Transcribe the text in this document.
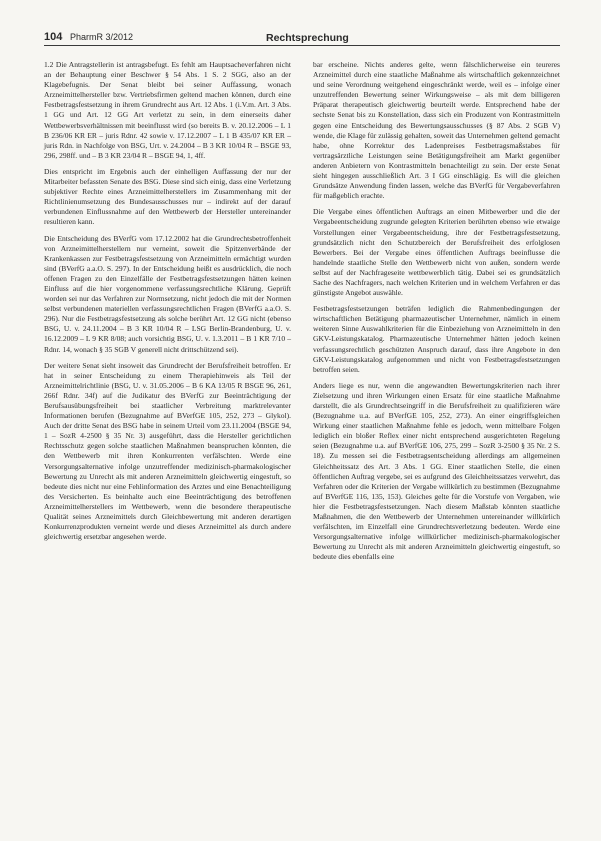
104 PharmR 3/2012	Rechtsprechung

1.2 Die Antragstellerin ist antragsbefugt. Es fehlt am Hauptsacheverfahren nicht an der Behauptung einer Beschwer § 54 Abs. 1 S. 2 SGG, also an der Klagebefugnis. Der Senat bleibt bei seiner Auffassung, wonach Arzneimittelhersteller bzw. Vertriebsfirmen geltend machen können, durch eine Festbetragsfestsetzung in ihrem Grundrecht aus Art. 12 Abs. 1 (i.V.m. Art. 3 Abs. 1 GG und Art. 12 GG Art verletzt zu sein, in dem einerseits daher Wettbewerbsverhältnissen mit beeinflusst wird (so bereits B. v. 20.12.2006 – L 1 B 236/06 KR ER – juris Rdnr. 42 sowie v. 17.12.2007 – L 1 B 435/07 KR ER – juris Rdn. in Nachfolge von BSG, Urt. v. 24.2004 – B 3 KR 10/04 R – BSGE 93, 296, 298ff. und – B 3 KR 23/04 R – BSGE 94, 1, 4ff.

Dies entspricht im Ergebnis auch der einhelligen Auffassung der nur der Mitarbeiter befassten Senate des BSG. Diese sind sich einig, dass eine Verletzung subjektiver Rechte eines Arzneimittelherstellers im Zusammenhang mit der Richtlinienumsetzung des Bundesausschusses nur – indirekt auf der darauf verbundenen Einflussnahme auf den Wettbewerb der Hersteller untereinander resultieren kann.

Die Entscheidung des BVerfG vom 17.12.2002 hat die Grundrechtsbetroffenheit von Arzneimittelherstellern nur verneint, soweit die Spitzenverbände der Krankenkassen zur Festbetragsfestsetzung von Arzneimitteln ermächtigt wurden sind (BVerfG a.a.O. S. 297). In der Entscheidung heißt es ausdrücklich, die noch offenen Fragen zu den Einzelfälle der Festbetragsfestsetzungen hätten keinen Einfluss auf die hier vorgenommene verfassungsrechtliche Klärung. Geprüft worden sei nur das Verfahren zur Normsetzung, nicht jedoch die mit der Normen selbst verbundenen materiellen verfassungsrechtlichen Fragen (BVerfG a.a.O. S. 296). Nur die Festbetragsfestsetzung als solche berührt Art. 12 GG nicht (ebenso BSG, U. v. 24.11.2004 – B 3 KR 10/04 R – LSG Berlin-Brandenburg, U. v. 16.12.2009 – L 9 KR 8/08; auch vorsichtig BSG, U. v. 1.3.2011 – B 1 KR 7/10 – Rdnr. 14, wonach § 35 SGB V generell nicht drittschützend sei).

Der weitere Senat sieht insoweit das Grundrecht der Berufsfreiheit betroffen. Er hat in seiner Entscheidung zu einem Therapiehinweis als Teil der Arzneimittelrichtlinie (BSG, U. v. 31.05.2006 – B 6 KA 13/05 R BSGE 96, 261, 266f Rdnr. 34f) auf die Judikatur des BVerfG zur Beeinträchtigung der Berufsausübungsfreiheit bei staatlicher Verbreitung marktrelevanter Informationen berufen (Bezugnahme auf BVerfGE 105, 252, 273 – Glykol). Auch der dritte Senat des BSG habe in seinem Urteil vom 23.11.2004 (BSGE 94, 1 – SozR 4-2500 § 35 Nr. 3) ausgeführt, dass die Hersteller gerichtlichen Rechtsschutz gegen solche staatlichen Maßnahmen beanspruchen könnten, die den Wettbewerb mit ihren Konkurrenten verfälschten. Werde eine Versorgungsalternative infolge unzutreffender medizinisch-pharmakologischer Bewertung zu Unrecht als mit anderen Arzneimitteln gleichwertig eingestuft, so bedeute dies nicht nur eine Fehlinformation des Arztes und eine Benachteiligung des Versicherten. Es beinhalte auch eine Beeinträchtigung des betroffenen Arzneimittelherstellers im Wettbewerb, wenn die besondere therapeutische Qualität seines Arzneimittels durch Gleichbewertung mit anderen derartigen Konkurrenzprodukten verneint werde und dieses Arzneimittel als durch andere gleichwertig ersetzbar angesehen werde.

bar erscheine. Nichts anderes gelte, wenn fälschlicherweise ein teureres Arzneimittel durch eine staatliche Maßnahme als wirtschaftlich gekennzeichnet und seine Verordnung weitgehend eingeschränkt werde, weil es – infolge einer unzutreffenden Bewertung seiner Wirkungsweise – als mit dem billigeren Präparat therapeutisch gleichwertig beurteilt werde. Entsprechend habe der sechste Senat bis zu Konstellation, dass sich ein Produzent von Kontrastmitteln gegen eine Entscheidung des Bewertungsausschusses (§ 87 Abs. 2 SGB V) wende, die Klage für zulässig gehalten, soweit das Unternehmen geltend gemacht habe, ohne Korrektur des Ladenpreises Festbetragsmaßstabes für vertragsärztliche Leistungen seine Betätigungsfreiheit am Markt gegenüber anderen Anbietern von Kontrastmitteln benachteiligt zu sein. Der erste Senat sieht hingegen ausschließlich Art. 3 I GG einschlägig. Es will die gleichen Grundsätze Anwendung finden lassen, welche das BVerfG für Vergabeverfahren für maßgeblich erachte.

Die Vergabe eines öffentlichen Auftrags an einen Mitbewerber und die der Vergabeentscheidung zugrunde gelegten Kriterien berührten ebenso wie etwaige Vorstellungen einer Vergabeentscheidung, ihre der Festbetragsfestsetzung, grundsätzlich nicht den Schutzbereich der Berufsfreiheit des erfolglosen Bewerbers. Bei der Vergabe eines öffentlichen Auftrags beeinflusse die handelnde staatliche Stelle den Wettbewerb nicht von außen, sondern werde selbst auf der Nachfrageseite wettbewerblich tätig. Dabei sei es grundsätzlich Sache des Nachfragers, nach welchen Kriterien und in welchem Verfahren er das günstigste Angebot auswähle.

Festbetragsfestsetzungen beträfen lediglich die Rahmenbedingungen der wirtschaftlichen Betätigung pharmazeutischer Unternehmer, nämlich in einem weiteren Sinne Auswahlkriterien für die Einbeziehung von Arzneimitteln in den GKV-Leistungskatalog. Pharmazeutische Unternehmer hätten jedoch keinen verfassungsrechtlich geschützten Anspruch darauf, dass ihre Angebote in den GKV-Leistungskatalog aufgenommen und nicht von Festbetragsfestsetzungen betroffen seien.

Anders liege es nur, wenn die angewandten Bewertungskriterien nach ihrer Zielsetzung und ihren Wirkungen einen Ersatz für eine staatliche Maßnahme darstellt, die als Grundrechtseingriff in die Berufsfreiheit zu qualifizieren wäre (Bezugnahme u.a. auf BVerfGE 105, 252, 273). An einer eingriffsgleichen Wirkung einer staatlichen Maßnahme fehle es jedoch, wenn mittelbare Folgen lediglich ein bloßer Reflex einer nicht entsprechend ausgerichteten Regelung seien (Bezugnahme u.a. auf BVerfGE 106, 275, 299 – SozR 3-2500 § 35 Nr. 2 S. 18). Zu messen sei die Festbetragsentscheidung allerdings am allgemeinen Gleichheitssatz des Art. 3 Abs. 1 GG. Einer staatlichen Stelle, die einen öffentlichen Auftrag vergebe, sei es aufgrund des Gleichheitssatzes verwehrt, das Verfahren oder die Kriterien der Vergabe willkürlich zu bestimmen (Bezugnahme auf BVerfGE 116, 135, 153). Gleiches gelte für die Vorstufe von Vergaben, wie hier die Festbetragsfestsetzungen. Nach diesem Maßstab könnten staatliche Maßnahmen, die den Wettbewerb der Unternehmen untereinander willkürlich verfälschten, im Einzelfall eine Grundrechtsverletzung bedeuten. Werde eine Versorgungsalternative infolge willkürlicher medizinisch-pharmakologischer Bewertung zu Unrecht als mit anderen Arzneimitteln gleichwertig eingestuft, so bedeute dies ebenfalls eine
